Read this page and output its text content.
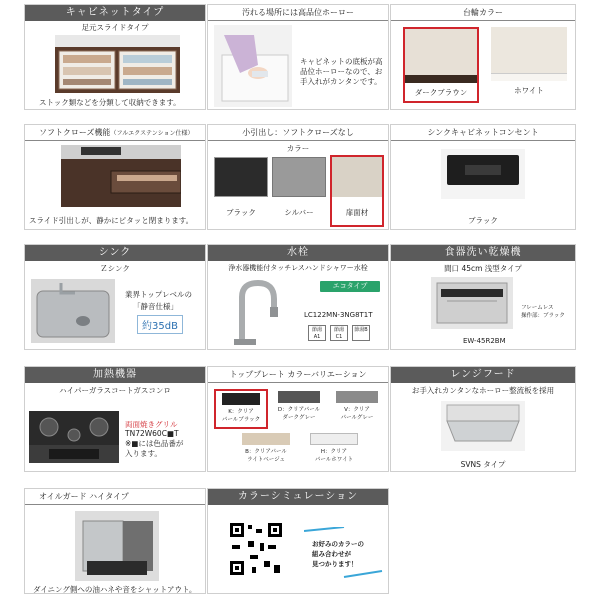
キャビネットタイプ
足元スライドタイプ
ストック類などを分類して収納できます。
汚れる場所には高品位ホーロー
キャビネットの底板が高品位ホーローなので、お手入れがカンタンです。
台輪カラー
ダークブラウン	ホワイト
ソフトクローズ機能（フルエクステンション仕様）
スライド引出しが、静かにピタッと閉まります。
小引出し：ソフトクローズなし
カラー
ブラック	シルバー	扉面材
シンクキャビネットコンセント
ブラック
シンク
Ｚシンク
業界トップレベルの
「静音仕様」
約35dB
水栓
浄水器機能付タッチレスハンドシャワー水栓
エコタイプ
LC122MN-3NG8T1T
節湯A1
節湯C1
節湯B
食器洗い乾燥機
間口 45cm 浅型タイプ
フレームレス
操作部：ブラック
EW-45R2BM
加熱機器
ハイパーガラスコートガスコンロ
両面焼きグリル
TN72W60C■T
※■には色品番が入ります。
トッププレート カラーバリエーション
K：クリア
パールブラック
D：クリアパール
ダークグレー
V：クリア
パールグレー
B：クリアパール
ライトベージュ
H：クリア
パールホワイト
レンジフード
お手入れカンタンなホーロー整流板を採用
SVNS タイプ
オイルガード ハイタイプ
ダイニング側への油ハネや音をシャットアウト。
カラーシミュレーション
お好みのカラーの
組み合わせが
見つかります！
